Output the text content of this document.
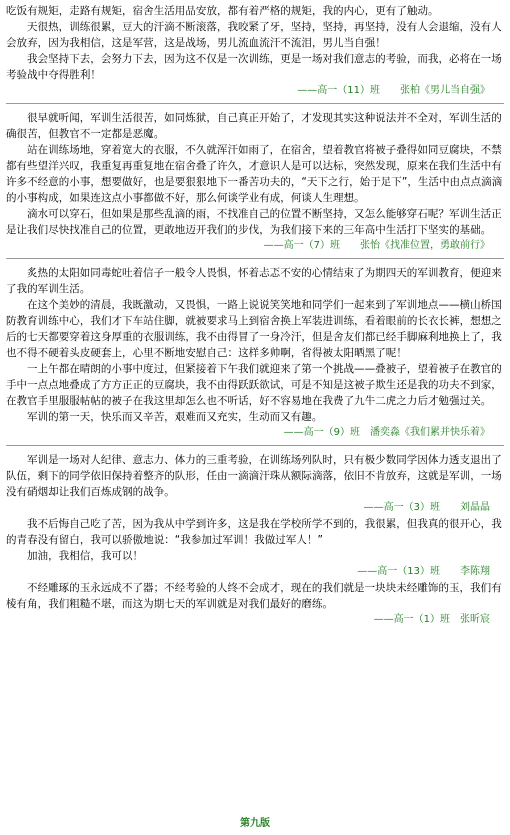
吃饭有规矩，走路有规矩，宿舍生活用品安放，都有着严格的规矩，我的内心，更有了触动。

天很热，训练很累，豆大的汗滴不断滚落，我咬紧了牙，坚持，坚持，再坚持，没有人会退缩，没有人会放弃，因为我相信，这是军营，这是战场，男儿流血流汗不流泪，男儿当自强！

我会坚持下去，会努力下去，因为这不仅是一次训练，更是一场对我们意志的考验，而我，必将在一场考验战中夺得胜利！

——高一（11）班　　张柏《男儿当自强》

很早就听闻，军训生活很苦，如同炼狱，自己真正开始了，才发现其实这种说法并不全对，军训生活的确很苦，但教官不一定都是恶魔。

站在训练场地，穿着宽大的衣服，不久就浑汗如雨了，在宿舍，望着教官将被子叠得如同豆腐块，不禁都有些望洋兴叹，我重复再重复地在宿舍叠了许久，才意识人是可以达标，突然发现，原来在我们生活中有许多不经意的小事，想要做好，也是要狠狠地下一番苦功夫的，“天下之行，始于足下”，生活中由点点滴滴的小事构成，如果连这点小事都做不好，那么何谈学业有成，何谈人生理想。

滴水可以穿石，但如果是那些乱滴的雨，不找准自己的位置不断坚持，又怎么能够穿石呢？军训生活正是让我们尽快找准自己的位置，更敢地迈开我们的步伐，为我们接下来的三年高中生活打下坚实的基础。

——高一（7）班　　张怡《找准位置，勇敢前行》

炙热的太阳如同毒蛇吐着信子一般令人畏惧，怀着忐忑不安的心情结束了为期四天的军训教育，便迎来了我的军训生活。

在这个美妙的清晨，我既激动，又畏惧，一路上说说笑笑地和同学们一起来到了军训地点——横山桥国防教育训练中心，我们才下车站住脚，就被要求马上到宿舍换上军装进训练，看着眼前的长衣长裤，想想之后的七天都要穿着这身厚重的衣服训练，我不由得冒了一身冷汗，但是舍友们都已经手脚麻利地换上了，我也不得不硬着头皮硬套上，心里不断地安慰自己：这样多帅啊，省得被太阳晒黑了呢！

一上午都在晴朗的小事中度过，但紧接着下午我们就迎来了第一个挑战——叠被子，望着被子在教官的手中一点点地叠成了方方正正的豆腐块，我不由得跃跃欲试，可是不知是这被子欺生还是我的功夫不到家，在教官手里服服帖帖的被子在我这里却怎么也不听话，好不容易地在我费了九牛二虎之力后才勉强过关。

军训的第一天，快乐而又辛苦，艰难而又充实，生动而又有趣。

——高一（9）班　潘奕淼《我们累并快乐着》

军训是一场对人纪律、意志力、体力的三重考验，在训练场列队时，只有极少数同学因体力透支退出了队伍，剩下的同学依旧保持着整齐的队形，任由一滴滴汗珠从额际滴落，依旧不肯放弃，这就是军训，一场没有硝烟却让我们百炼成钢的战争。

——高一（3）班　　刘晶晶

我不后悔自己吃了苦，因为我从中学到许多，这是我在学校所学不到的，我很累，但我真的很开心，我的青春没有留白，我可以骄傲地说：“我参加过军训！我做过军人！”

加油，我相信，我可以！

——高一（13）班　　李陈翔

不经雕琢的玉永远成不了器；不经考验的人终不会成才，现在的我们就是一块块未经雕饰的玉，我们有棱有角，我们粗糙不堪，而这为期七天的军训就是对我们最好的磨练。

——高一（1）班　张昕宸
第九版
